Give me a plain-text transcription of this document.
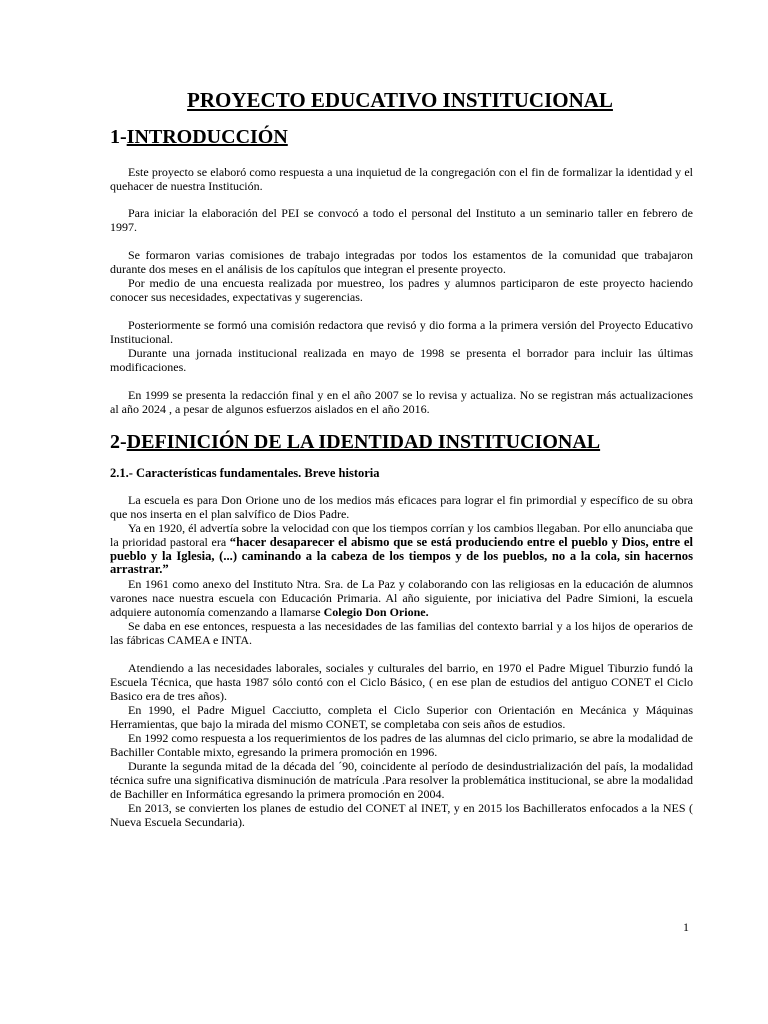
PROYECTO EDUCATIVO INSTITUCIONAL
1-INTRODUCCIÓN

Este proyecto se elaboró como respuesta a una inquietud de la congregación con el fin de formalizar la identidad y el quehacer de nuestra Institución.

Para iniciar la elaboración del PEI se convocó a todo el personal del Instituto a un seminario taller en febrero de 1997.

Se formaron varias comisiones de trabajo integradas por todos los estamentos de la comunidad que trabajaron durante dos meses en el análisis de los capítulos que integran el presente proyecto.

Por medio de una encuesta realizada por muestreo, los padres y alumnos participaron de este proyecto haciendo conocer sus necesidades, expectativas y sugerencias.

Posteriormente se formó una comisión redactora que revisó y dio forma a la primera versión del Proyecto Educativo Institucional.

Durante una jornada institucional realizada en mayo de 1998 se presenta el borrador para incluir las últimas modificaciones.

En 1999 se presenta la redacción final y en el año 2007 se lo revisa y actualiza. No se registran más actualizaciones al año 2024 , a pesar de algunos esfuerzos aislados en el año 2016.

2-DEFINICIÓN DE LA IDENTIDAD INSTITUCIONAL
2.1.- Características fundamentales. Breve historia

La escuela es para Don Orione uno de los medios más eficaces para lograr el fin primordial y específico de su obra que nos inserta en el plan salvífico de Dios Padre.

Ya en 1920, él advertía sobre la velocidad con que los tiempos corrían y los cambios llegaban. Por ello anunciaba que la prioridad pastoral era “hacer desaparecer el abismo que se está produciendo entre el pueblo y Dios, entre el pueblo y la Iglesia, (...) caminando a la cabeza de los tiempos y de los pueblos, no a la cola, sin hacernos arrastrar.”

En 1961 como anexo del Instituto Ntra. Sra. de La Paz y colaborando con las religiosas en la educación de alumnos varones nace nuestra escuela con Educación Primaria. Al año siguiente, por iniciativa del Padre Simioni, la escuela adquiere autonomía comenzando a llamarse Colegio Don Orione.

Se daba en ese entonces, respuesta a las necesidades de las familias del contexto barrial y a los hijos de operarios de las fábricas CAMEA e INTA.

Atendiendo a las necesidades laborales, sociales y culturales del barrio, en 1970 el Padre Miguel Tiburzio fundó la Escuela Técnica, que hasta 1987 sólo contó con el Ciclo Básico, ( en ese plan de estudios del antiguo CONET el Ciclo Basico era de tres años).

En 1990, el Padre Miguel Cacciutto, completa el Ciclo Superior con Orientación en Mecánica y Máquinas Herramientas, que bajo la mirada del mismo CONET, se completaba con seis años de estudios.

En 1992 como respuesta a los requerimientos de los padres de las alumnas del ciclo primario, se abre la modalidad de Bachiller Contable mixto, egresando la primera promoción en 1996.

Durante la segunda mitad de la década del ´90, coincidente al período de desindustrialización del país, la modalidad técnica sufre una significativa disminución de matrícula .Para resolver la problemática institucional, se abre la modalidad de Bachiller en Informática egresando la primera promoción en 2004.

En 2013, se convierten los planes de estudio del CONET al INET, y en 2015 los Bachilleratos enfocados a la NES ( Nueva Escuela Secundaria).

1
